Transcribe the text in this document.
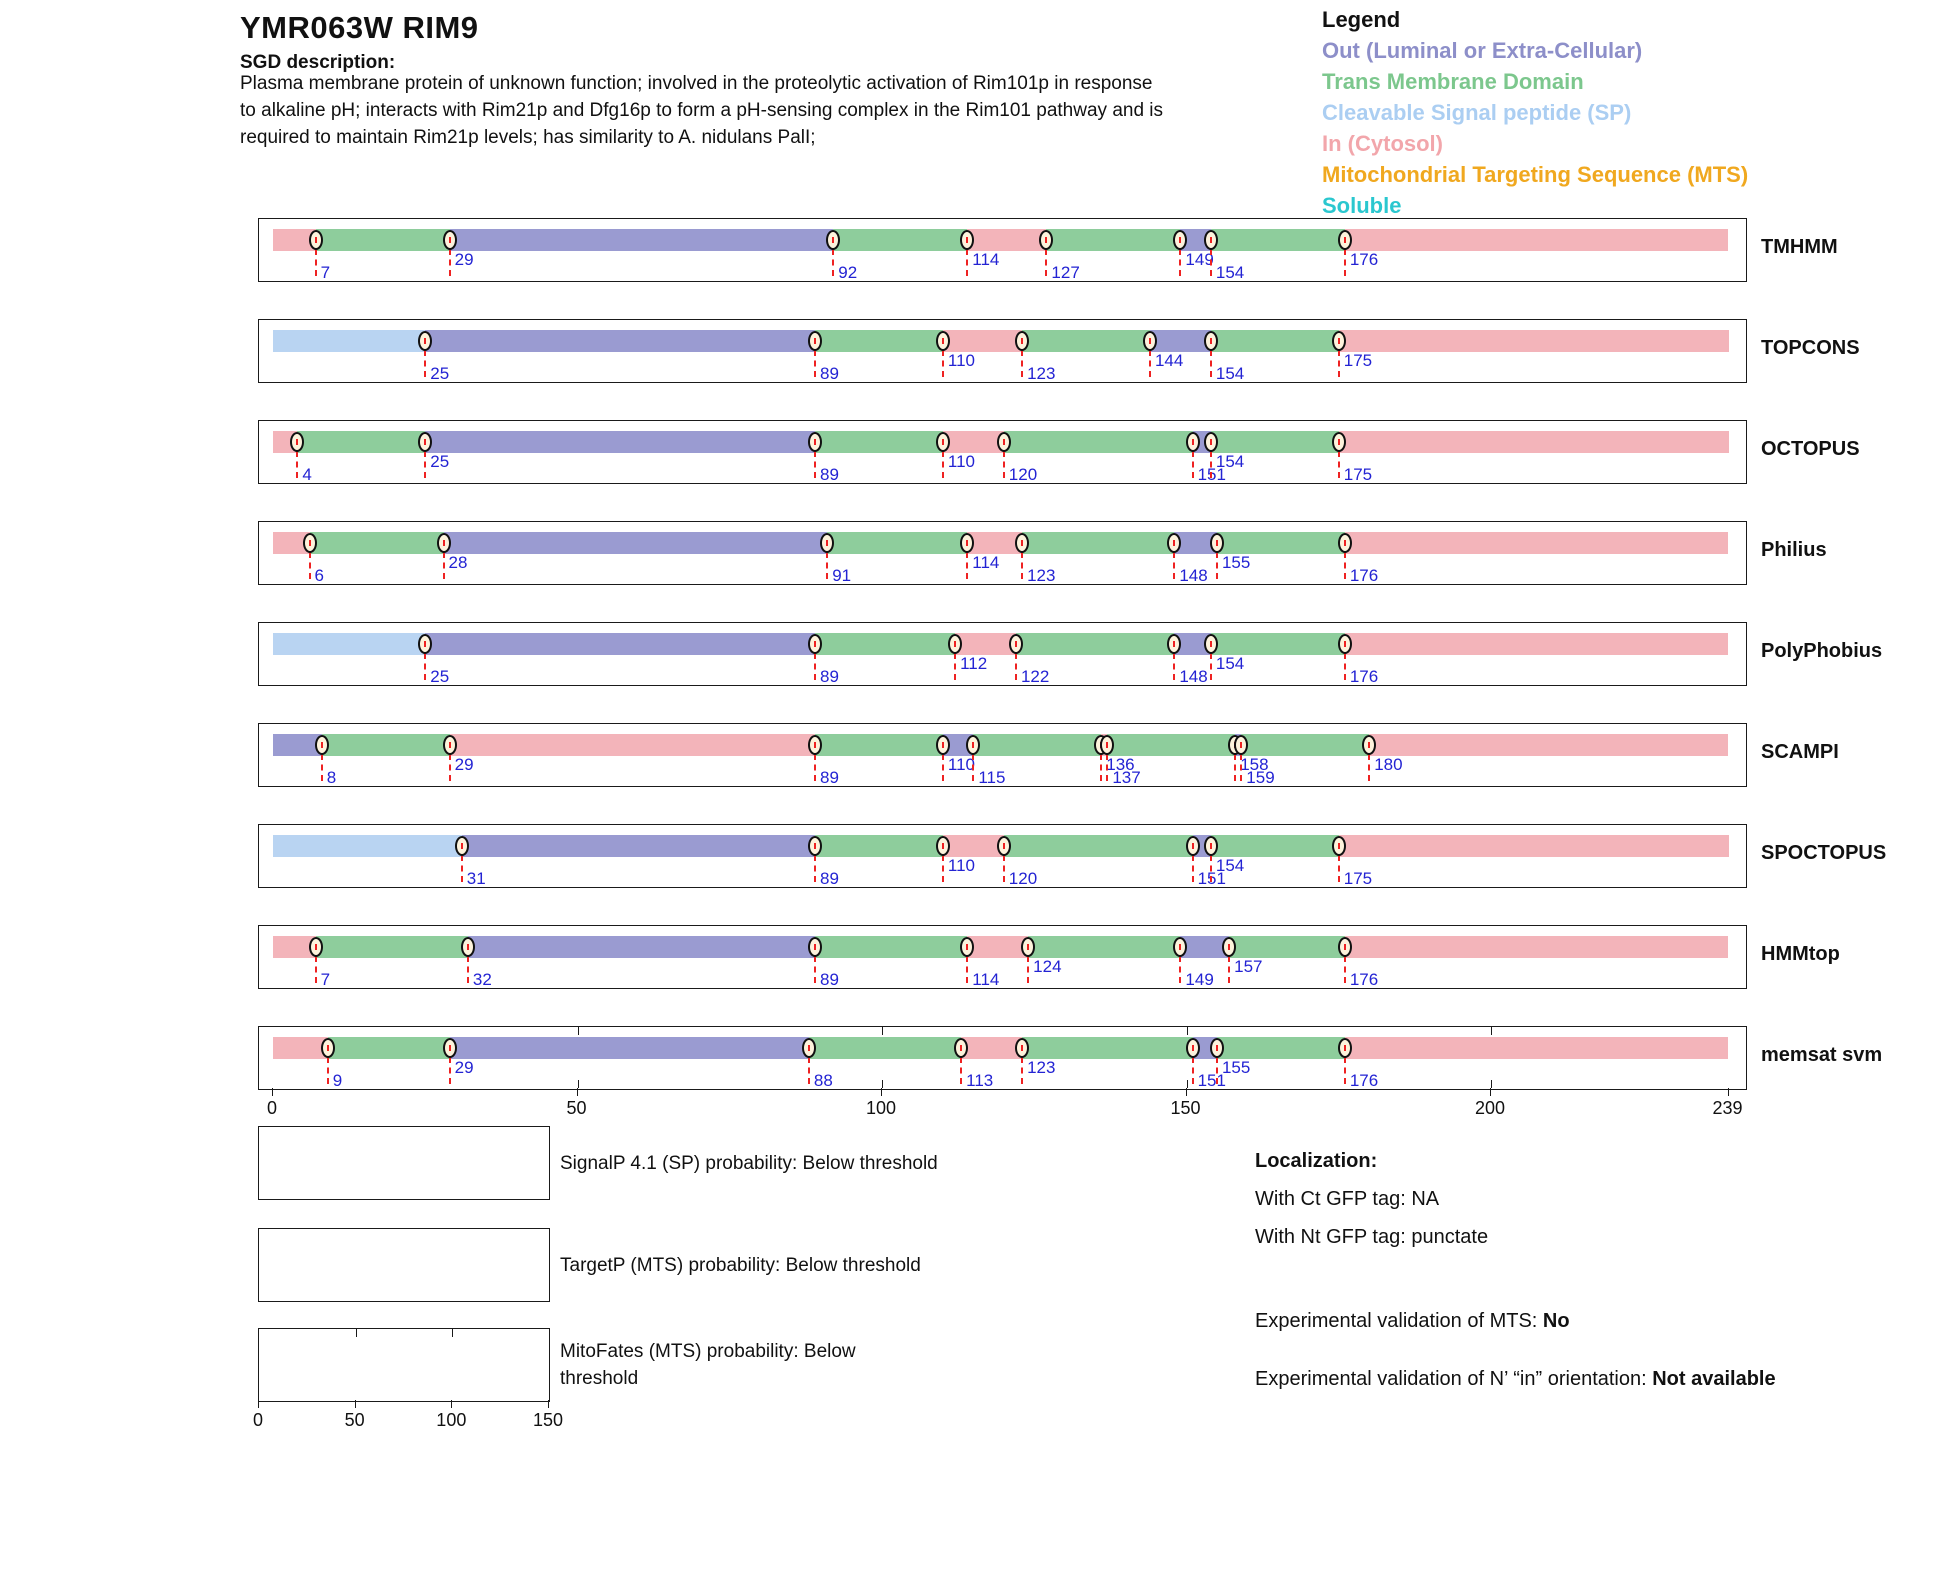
YMR063W RIM9
SGD description:
Plasma membrane protein of unknown function; involved in the proteolytic activation of Rim101p in response
to alkaline pH; interacts with Rim21p and Dfg16p to form a pH-sensing complex in the Rim101 pathway and is
required to maintain Rim21p levels; has similarity to A. nidulans PalI;
Legend
Out (Luminal or Extra-Cellular)
Trans Membrane Domain
Cleavable Signal peptide (SP)
In (Cytosol)
Mitochondrial Targeting Sequence (MTS)
Soluble
7
29
92
114
127
149
154
176
TMHMM
25	89
110
123
144
154
175
TOPCONS
4
25
89
110
120	151
154
175
OCTOPUS
6
28
91
114
123	148
155
176
Philius
25	89
112
122	148
154
176
PolyPhobius
8
29
89
110
115
136
137
158
159
180
SCAMPI
31	89
110
120	151
154
175
SPOCTOPUS
7	32	89	114
124
149
157
176
HMMtop
9
29
88	113
123
151
155
176
memsat svm
0	50	100	150	200	239
SignalP 4.1 (SP) probability: Below threshold
TargetP (MTS) probability: Below threshold
0	50	100	150
MitoFates (MTS) probability: Below threshold
Localization:
With Ct GFP tag: NA
With Nt GFP tag: punctate
Experimental validation of MTS: No
Experimental validation of N’ “in” orientation: Not available
